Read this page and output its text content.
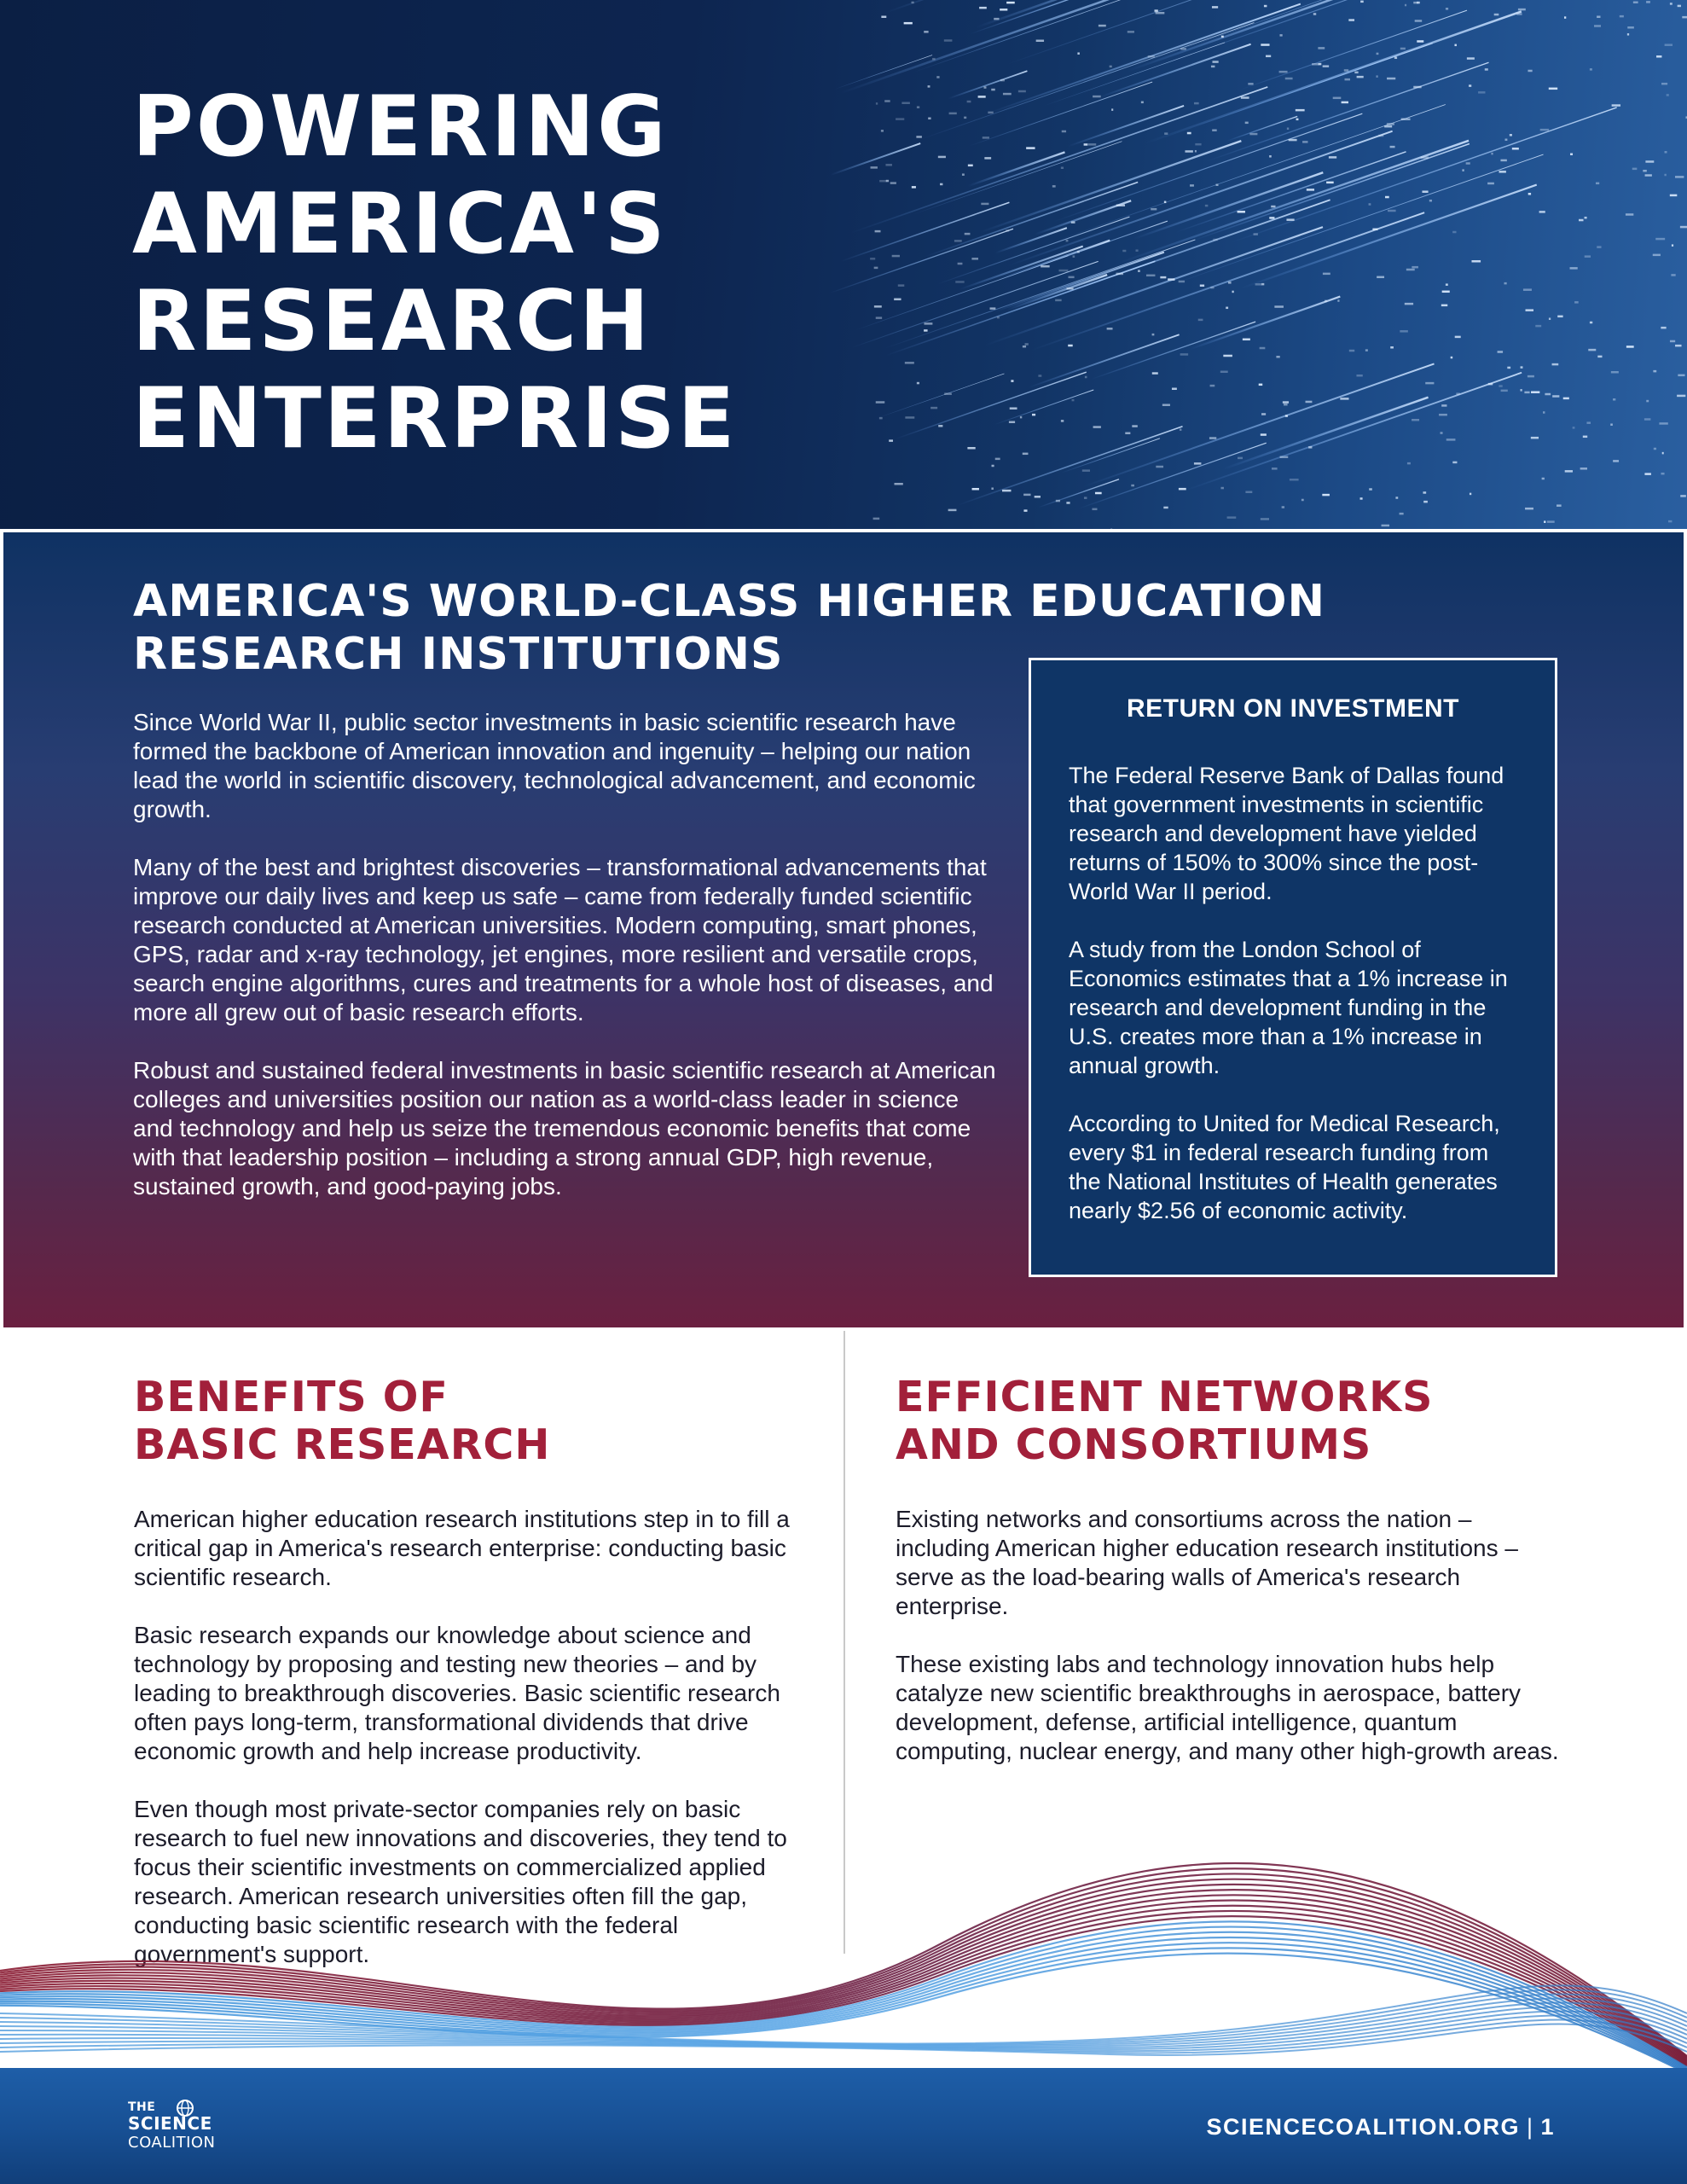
POWERING
AMERICA'S
RESEARCH
ENTERPRISE
AMERICA'S WORLD-CLASS HIGHER EDUCATION
RESEARCH INSTITUTIONS

Since World War II, public sector investments in basic scientific research have formed the backbone of American innovation and ingenuity – helping our nation lead the world in scientific discovery, technological advancement, and economic growth.

Many of the best and brightest discoveries – transformational advancements that improve our daily lives and keep us safe – came from federally funded scientific research conducted at American universities. Modern computing, smart phones, GPS, radar and x-ray technology, jet engines, more resilient and versatile crops, search engine algorithms, cures and treatments for a whole host of diseases, and more all grew out of basic research efforts.

Robust and sustained federal investments in basic scientific research at American colleges and universities position our nation as a world-class leader in science and technology and help us seize the tremendous economic benefits that come with that leadership position – including a strong annual GDP, high revenue, sustained growth, and good-paying jobs.

RETURN ON INVESTMENT

The Federal Reserve Bank of Dallas found that government investments in scientific research and development have yielded returns of 150% to 300% since the post-World War II period.

A study from the London School of Economics estimates that a 1% increase in research and development funding in the U.S. creates more than a 1% increase in annual growth.

According to United for Medical Research, every $1 in federal research funding from the National Institutes of Health generates nearly $2.56 of economic activity.

BENEFITS OF
BASIC RESEARCH

American higher education research institutions step in to fill a critical gap in America's research enterprise: conducting basic scientific research.

Basic research expands our knowledge about science and technology by proposing and testing new theories – and by leading to breakthrough discoveries. Basic scientific research often pays long-term, transformational dividends that drive economic growth and help increase productivity.

Even though most private-sector companies rely on basic research to fuel new innovations and discoveries, they tend to focus their scientific investments on commercialized applied research. American research universities often fill the gap, conducting basic scientific research with the federal government's support.

EFFICIENT NETWORKS
AND CONSORTIUMS

Existing networks and consortiums across the nation – including American higher education research institutions – serve as the load-bearing walls of America's research enterprise.

These existing labs and technology innovation hubs help catalyze new scientific breakthroughs in aerospace, battery development, defense, artificial intelligence, quantum computing, nuclear energy, and many other high-growth areas.

THE
SCIENCE
COALITION
SCIENCECOALITION.ORG | 1
